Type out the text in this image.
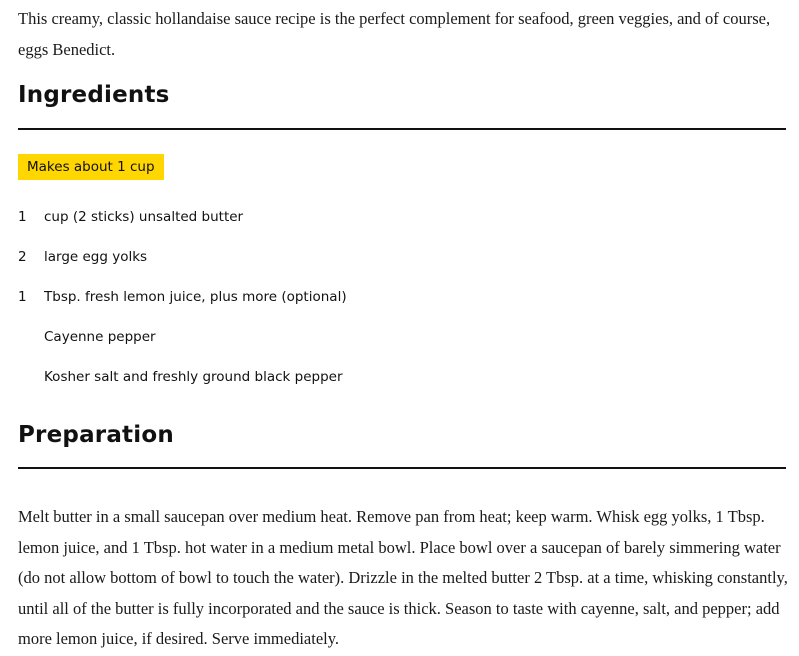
This creamy, classic hollandaise sauce recipe is the perfect complement for seafood, green veggies, and of course, eggs Benedict.

Ingredients
Makes about 1 cup
1	cup (2 sticks) unsalted butter
2	large egg yolks
1	Tbsp. fresh lemon juice, plus more (optional)
Cayenne pepper
Kosher salt and freshly ground black pepper
Preparation

Melt butter in a small saucepan over medium heat. Remove pan from heat; keep warm. Whisk egg yolks, 1 Tbsp. lemon juice, and 1 Tbsp. hot water in a medium metal bowl. Place bowl over a saucepan of barely simmering water (do not allow bottom of bowl to touch the water). Drizzle in the melted butter 2 Tbsp. at a time, whisking constantly, until all of the butter is fully incorporated and the sauce is thick. Season to taste with cayenne, salt, and pepper; add more lemon juice, if desired. Serve immediately.
